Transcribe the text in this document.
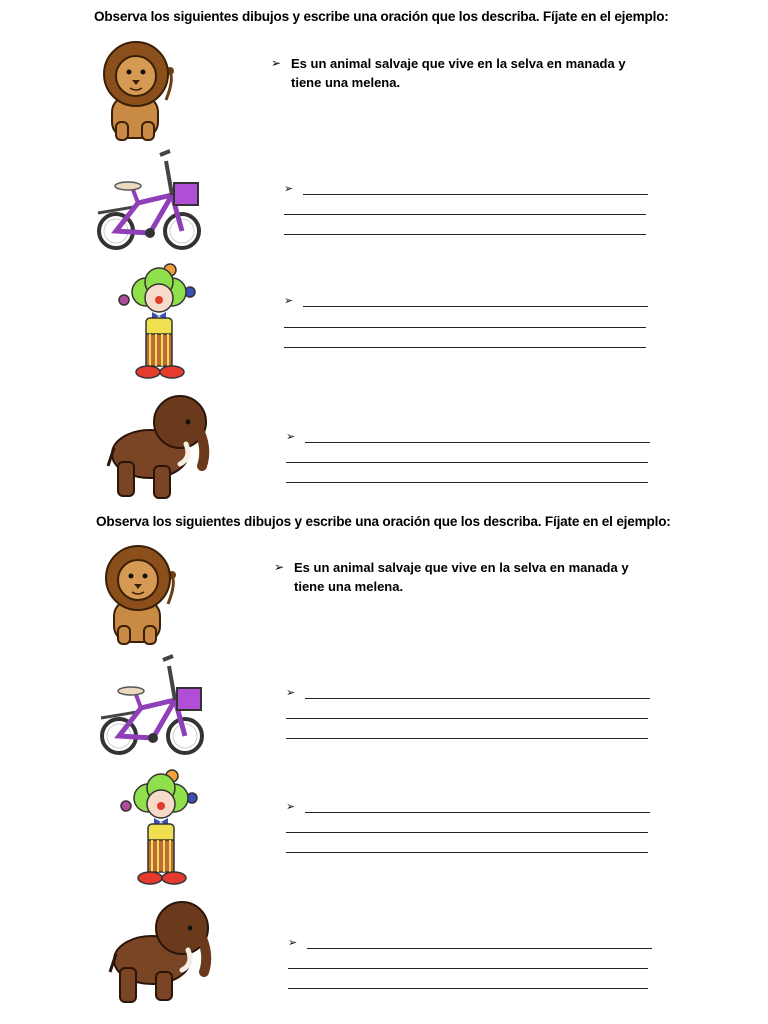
Observa los siguientes dibujos y escribe una oración que los describa. Fíjate en el ejemplo:
➢ Es un animal salvaje que vive en la selva en manada y
tiene una melena.
➢
➢
➢
Observa los siguientes dibujos y escribe una oración que los describa. Fíjate en el ejemplo:
➢ Es un animal salvaje que vive en la selva en manada y
tiene una melena.
➢
➢
➢
